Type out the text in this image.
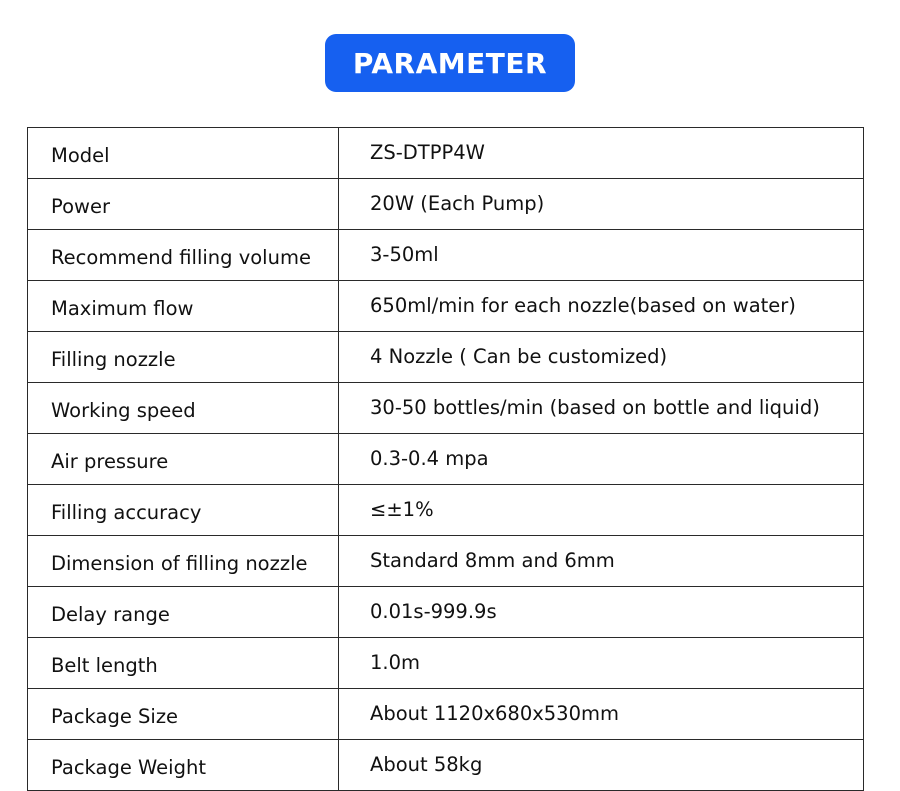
PARAMETER
Model	ZS-DTPP4W
Power	20W (Each Pump)
Recommend filling volume	3-50ml
Maximum flow	650ml/min for each nozzle(based on water)
Filling nozzle	4 Nozzle ( Can be customized)
Working speed	30-50 bottles/min (based on bottle and liquid)
Air pressure	0.3-0.4 mpa
Filling accuracy	≤±1%
Dimension of filling nozzle	Standard 8mm and 6mm
Delay range	0.01s-999.9s
Belt length	1.0m
Package Size	About 1120x680x530mm
Package Weight	About 58kg
